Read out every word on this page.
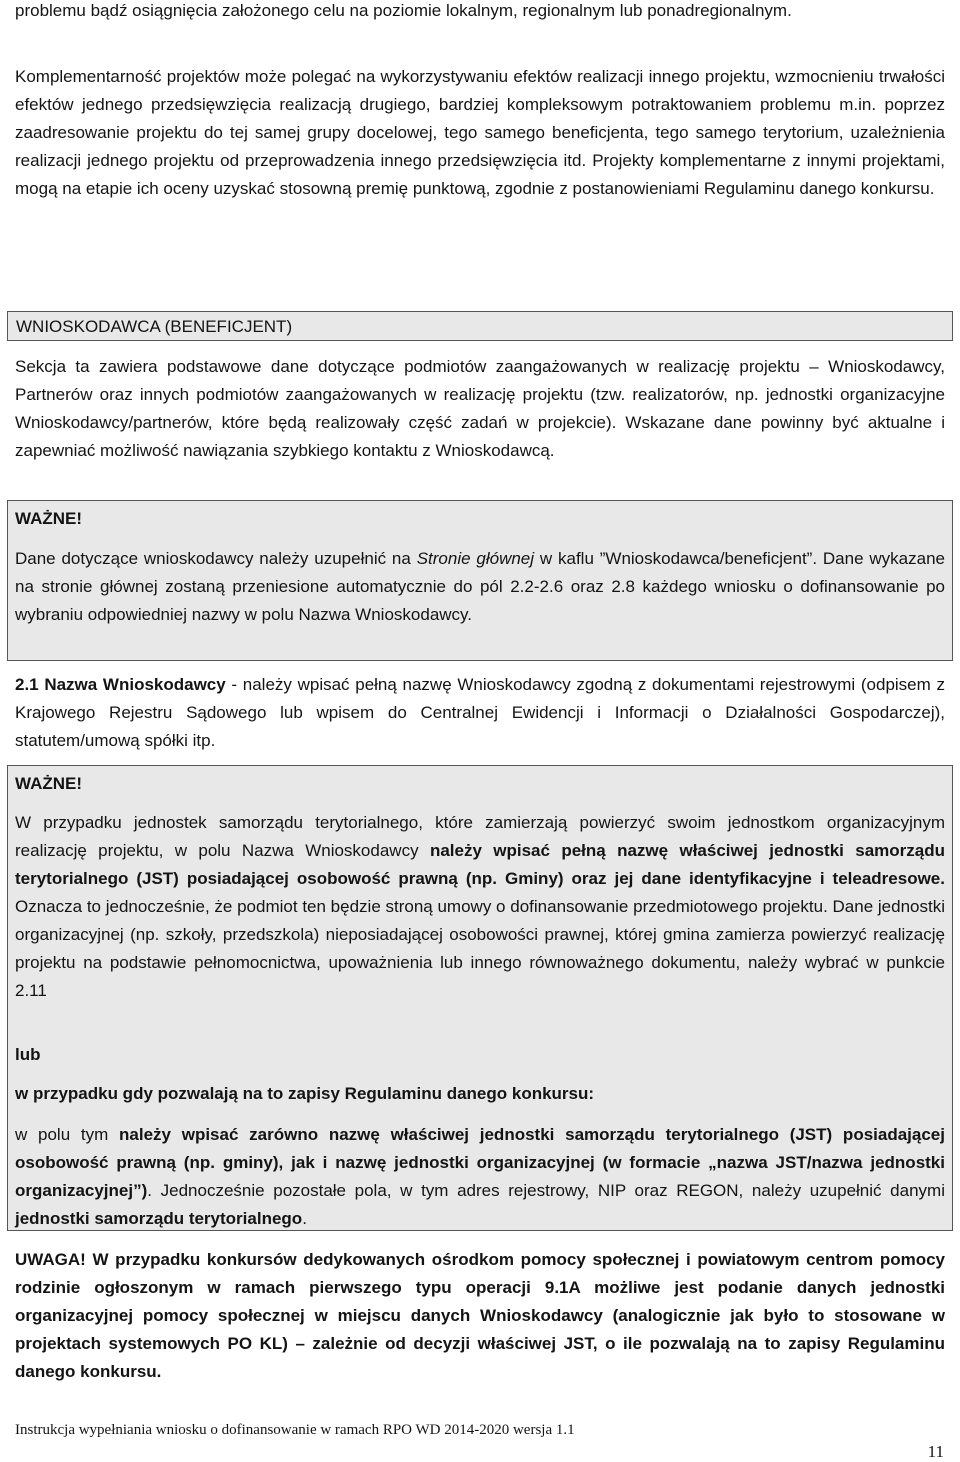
problemu bądź osiągnięcia założonego celu na poziomie lokalnym, regionalnym lub ponadregionalnym.

Komplementarność projektów może polegać na wykorzystywaniu efektów realizacji innego projektu, wzmocnieniu trwałości efektów jednego przedsięwzięcia realizacją drugiego, bardziej kompleksowym potraktowaniem problemu m.in. poprzez zaadresowanie projektu do tej samej grupy docelowej, tego samego beneficjenta, tego samego terytorium, uzależnienia realizacji jednego projektu od przeprowadzenia innego przedsięwzięcia itd. Projekty komplementarne z innymi projektami, mogą na etapie ich oceny uzyskać stosowną premię punktową, zgodnie z postanowieniami Regulaminu danego konkursu.

WNIOSKODAWCA (BENEFICJENT)

Sekcja ta zawiera podstawowe dane dotyczące podmiotów zaangażowanych w realizację projektu – Wnioskodawcy, Partnerów oraz innych podmiotów zaangażowanych w realizację projektu (tzw. realizatorów, np. jednostki organizacyjne Wnioskodawcy/partnerów, które będą realizowały część zadań w projekcie). Wskazane dane powinny być aktualne i zapewniać możliwość nawiązania szybkiego kontaktu z Wnioskodawcą.

WAŻNE!

Dane dotyczące wnioskodawcy należy uzupełnić na Stronie głównej w kaflu ”Wnioskodawca/beneficjent”. Dane wykazane na stronie głównej zostaną przeniesione automatycznie do pól 2.2-2.6 oraz 2.8 każdego wniosku o dofinansowanie po wybraniu odpowiedniej nazwy w polu Nazwa Wnioskodawcy.

2.1 Nazwa Wnioskodawcy - należy wpisać pełną nazwę Wnioskodawcy zgodną z dokumentami rejestrowymi (odpisem z Krajowego Rejestru Sądowego lub wpisem do Centralnej Ewidencji i Informacji o Działalności Gospodarczej), statutem/umową spółki itp.

WAŻNE!

W przypadku jednostek samorządu terytorialnego, które zamierzają powierzyć swoim jednostkom organizacyjnym realizację projektu, w polu Nazwa Wnioskodawcy należy wpisać pełną nazwę właściwej jednostki samorządu terytorialnego (JST) posiadającej osobowość prawną (np. Gminy) oraz jej dane identyfikacyjne i teleadresowe. Oznacza to jednocześnie, że podmiot ten będzie stroną umowy o dofinansowanie przedmiotowego projektu. Dane jednostki organizacyjnej (np. szkoły, przedszkola) nieposiadającej osobowości prawnej, której gmina zamierza powierzyć realizację projektu na podstawie pełnomocnictwa, upoważnienia lub innego równoważnego dokumentu, należy wybrać w punkcie 2.11

lub

w przypadku gdy pozwalają na to zapisy Regulaminu danego konkursu:

w polu tym należy wpisać zarówno nazwę właściwej jednostki samorządu terytorialnego (JST) posiadającej osobowość prawną (np. gminy), jak i nazwę jednostki organizacyjnej (w formacie „nazwa JST/nazwa jednostki organizacyjnej”). Jednocześnie pozostałe pola, w tym adres rejestrowy, NIP oraz REGON, należy uzupełnić danymi jednostki samorządu terytorialnego.

UWAGA! W przypadku konkursów dedykowanych ośrodkom pomocy społecznej i powiatowym centrom pomocy rodzinie ogłoszonym w ramach pierwszego typu operacji 9.1A możliwe jest podanie danych jednostki organizacyjnej pomocy społecznej w miejscu danych Wnioskodawcy (analogicznie jak było to stosowane w projektach systemowych PO KL) – zależnie od decyzji właściwej JST, o ile pozwalają na to zapisy Regulaminu danego konkursu.

Instrukcja wypełniania wniosku o dofinansowanie w ramach RPO WD 2014-2020 wersja 1.1

11
